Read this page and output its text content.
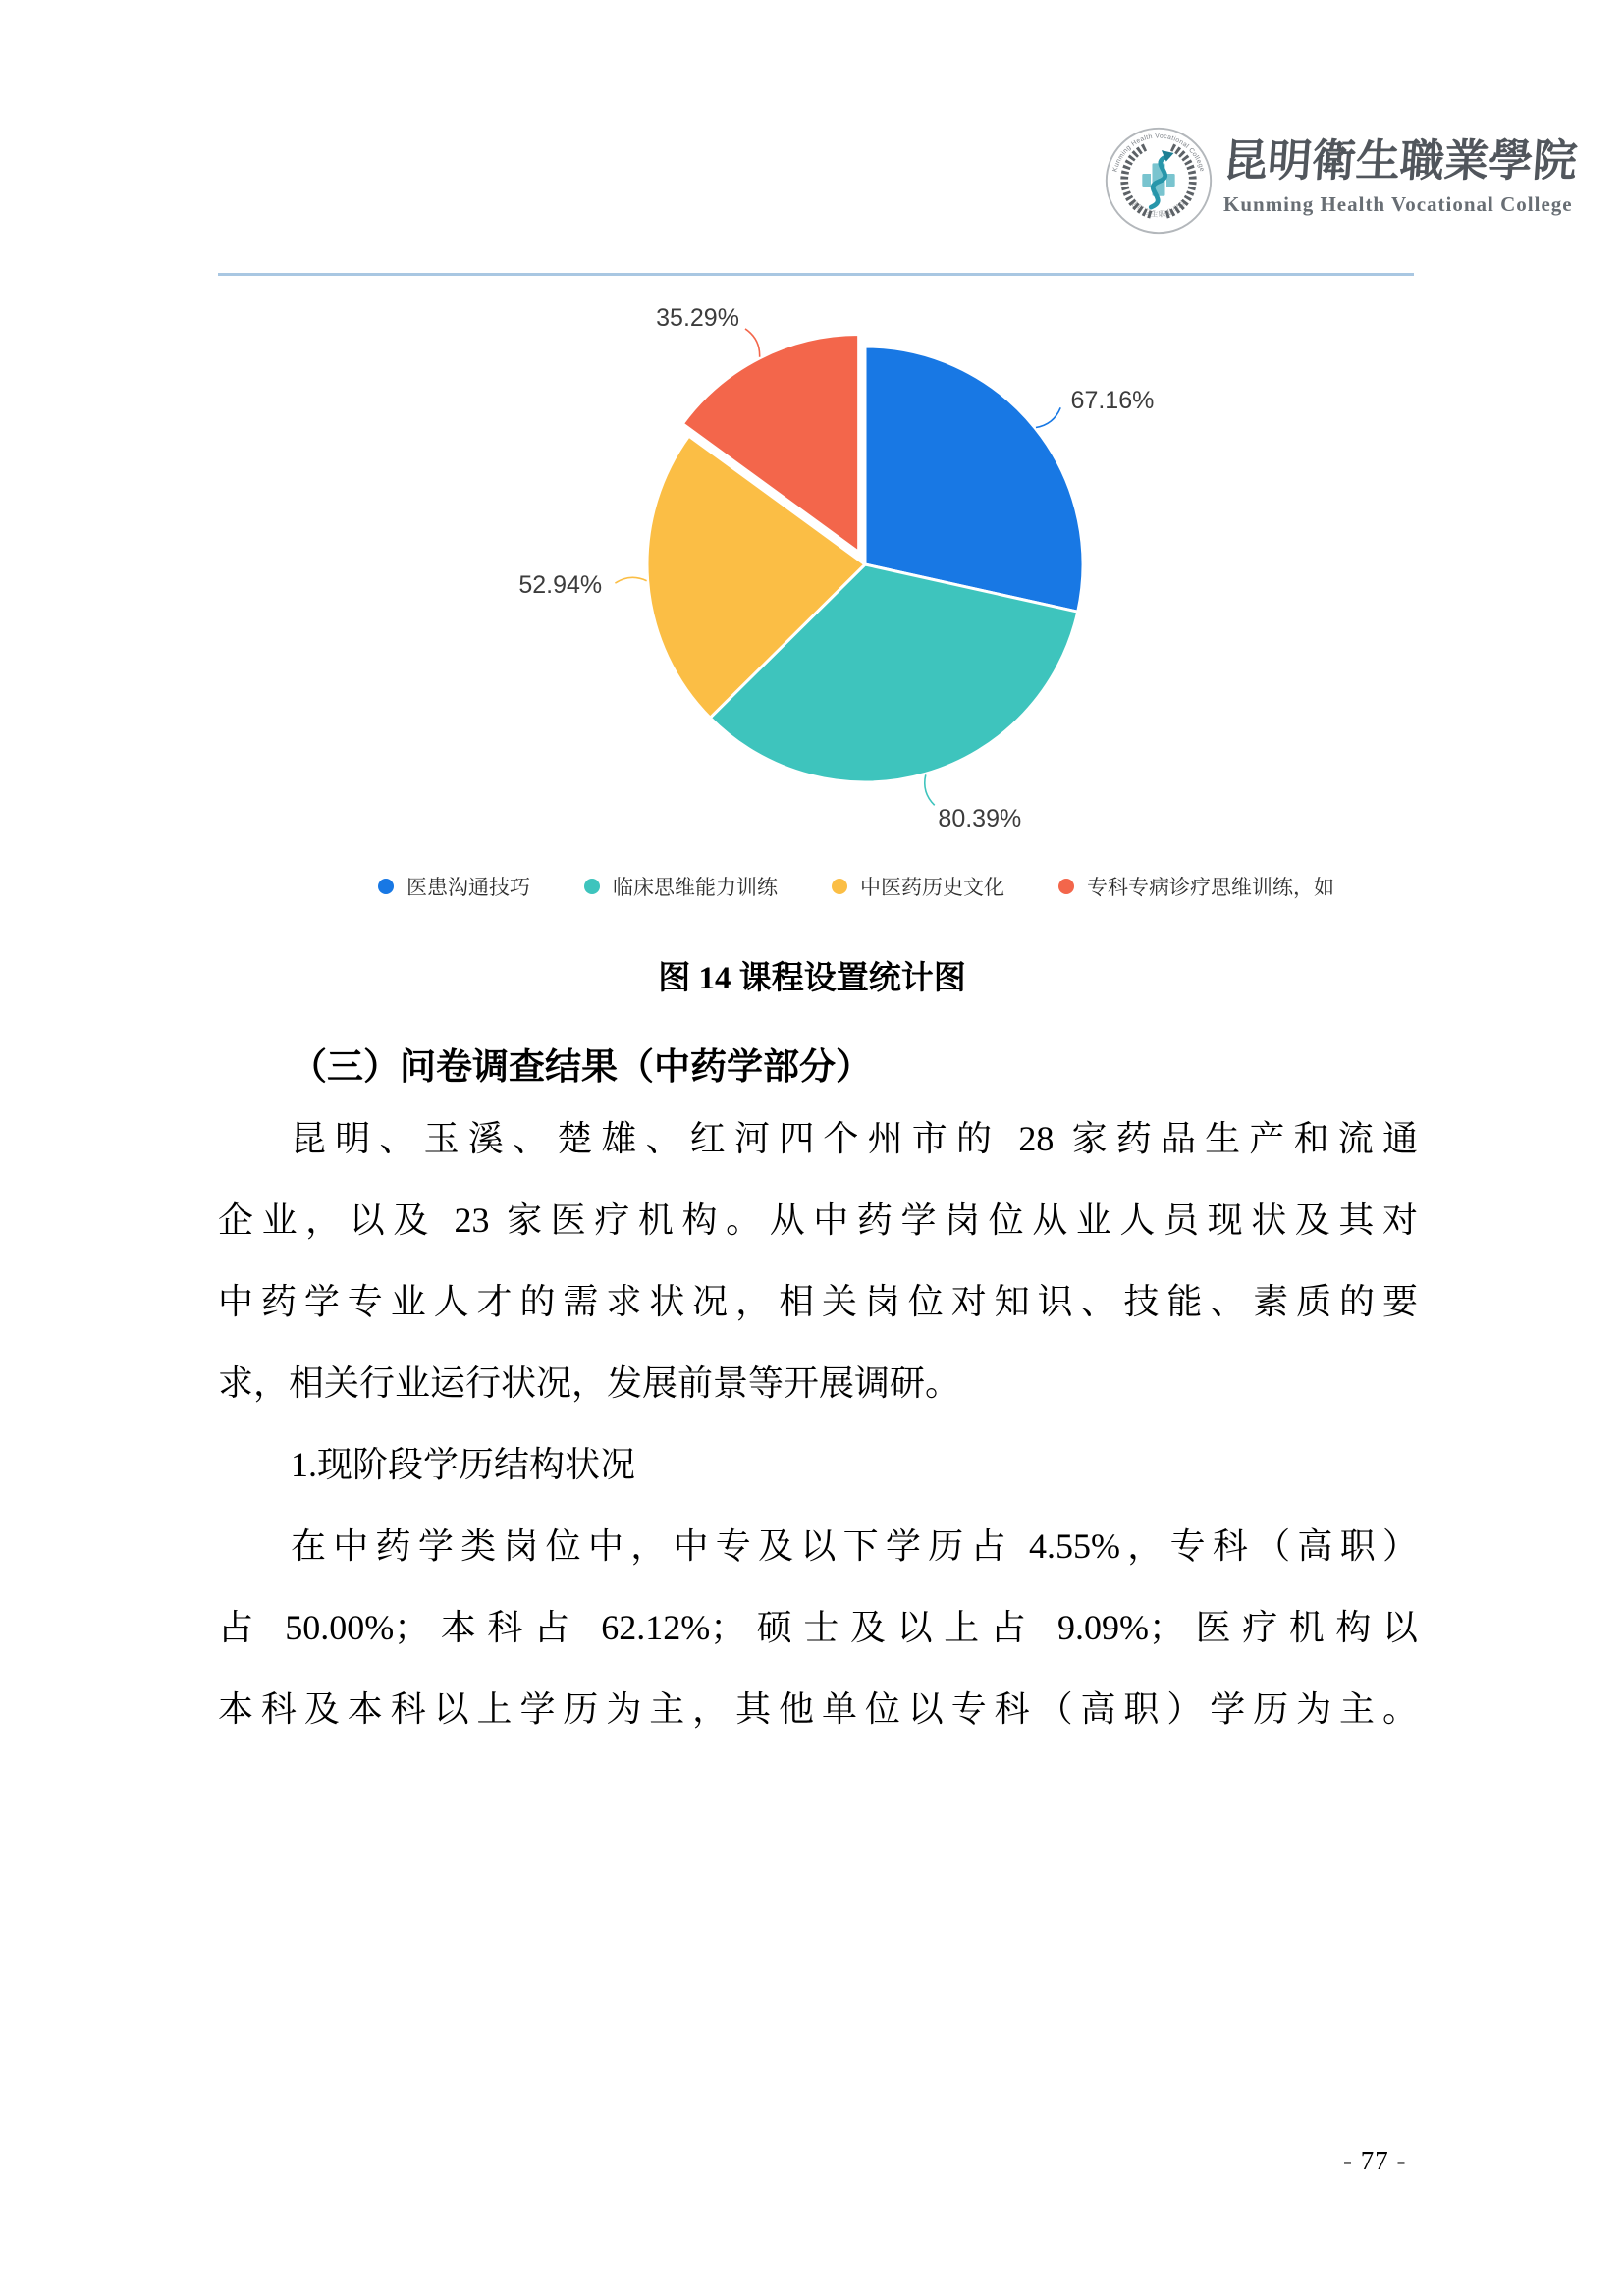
Kunming Health Vocational College
昆明卫生职业学院
昆明衛生職業學院
Kunming Health Vocational College
67.16%
80.39%
52.94%
35.29%
医患沟通技巧	临床思维能力训练	中医药历史文化	专科专病诊疗思维训练，如
图 14 课程设置统计图
（三）问卷调查结果（中药学部分）
昆明、玉溪、楚雄、红河四个州市的 28 家药品生产和流通
企业，以及 23 家医疗机构。从中药学岗位从业人员现状及其对
中药学专业人才的需求状况，相关岗位对知识、技能、素质的要
求，相关行业运行状况，发展前景等开展调研。
1.现阶段学历结构状况
在中药学类岗位中，中专及以下学历占 4.55%，专科（高职）
占 50.00%；本科占 62.12%；硕士及以上占 9.09%；医疗机构以
本科及本科以上学历为主，其他单位以专科（高职）学历为主。
- 77 -
